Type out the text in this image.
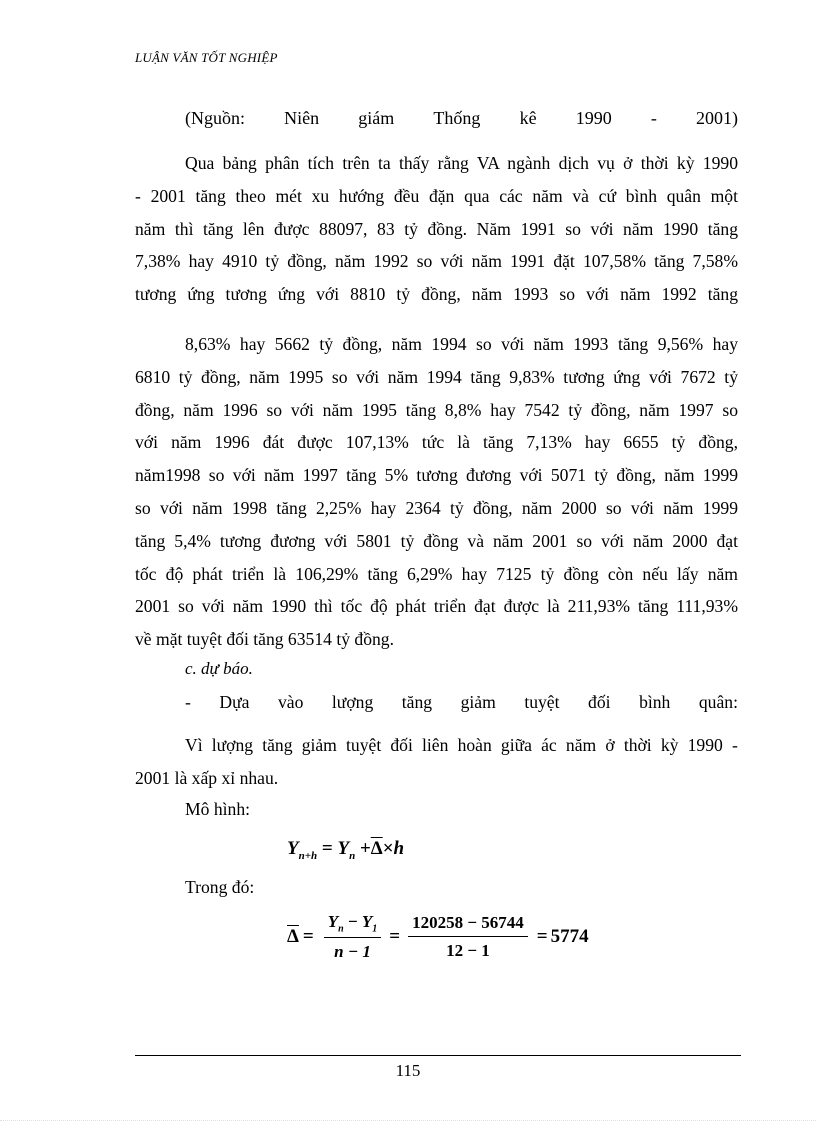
LUẬN VĂN TỐT NGHIỆP
(Nguồn: Niên giám Thống kê 1990 - 2001)
Qua bảng phân tích trên ta thấy rằng VA ngành dịch vụ ở thời kỳ 1990
- 2001 tăng theo mét xu hướng đều đặn qua các năm và cứ bình quân một
năm thì tăng lên được 88097, 83 tỷ đồng. Năm 1991 so với năm 1990 tăng
7,38% hay 4910 tỷ đồng, năm 1992 so với năm 1991 đặt 107,58% tăng 7,58%
tương ứng tương ứng với 8810 tỷ đồng, năm 1993 so với năm 1992 tăng
8,63% hay 5662 tỷ đồng, năm 1994 so với năm 1993 tăng 9,56% hay
6810 tỷ đồng, năm 1995 so với năm 1994 tăng 9,83% tương ứng với 7672 tỷ
đồng, năm 1996 so với năm 1995 tăng 8,8% hay 7542 tỷ đồng, năm 1997 so
với năm 1996 đát được 107,13% tức là tăng 7,13% hay 6655 tỷ đồng,
năm1998 so với năm 1997 tăng 5% tương đương với 5071 tỷ đồng, năm 1999
so với năm 1998 tăng 2,25% hay 2364 tỷ đồng, năm 2000 so với năm 1999
tăng 5,4% tương đương với 5801 tỷ đồng và năm 2001 so với năm 2000 đạt
tốc độ phát triển là 106,29% tăng 6,29% hay 7125 tỷ đồng còn nếu lấy năm
2001 so với năm 1990 thì tốc độ phát triển đạt được là 211,93% tăng 111,93%
về mặt tuyệt đối tăng 63514 tỷ đồng.
c. dự báo.
- Dựa vào lượng tăng giảm tuyệt đối bình quân:
Vì lượng tăng giảm tuyệt đối liên hoàn giữa ác năm ở thời kỳ 1990 -
2001 là xấp xỉ nhau.
Mô hình:
$Y_{n+h} = Y_n +\overline{\Delta}\times h$
Trong đó:
$\overline{\Delta} = \frac{Y_n - Y_1}{n - 1} = \frac{120258 - 56744}{12 - 1} = 5774$
115
